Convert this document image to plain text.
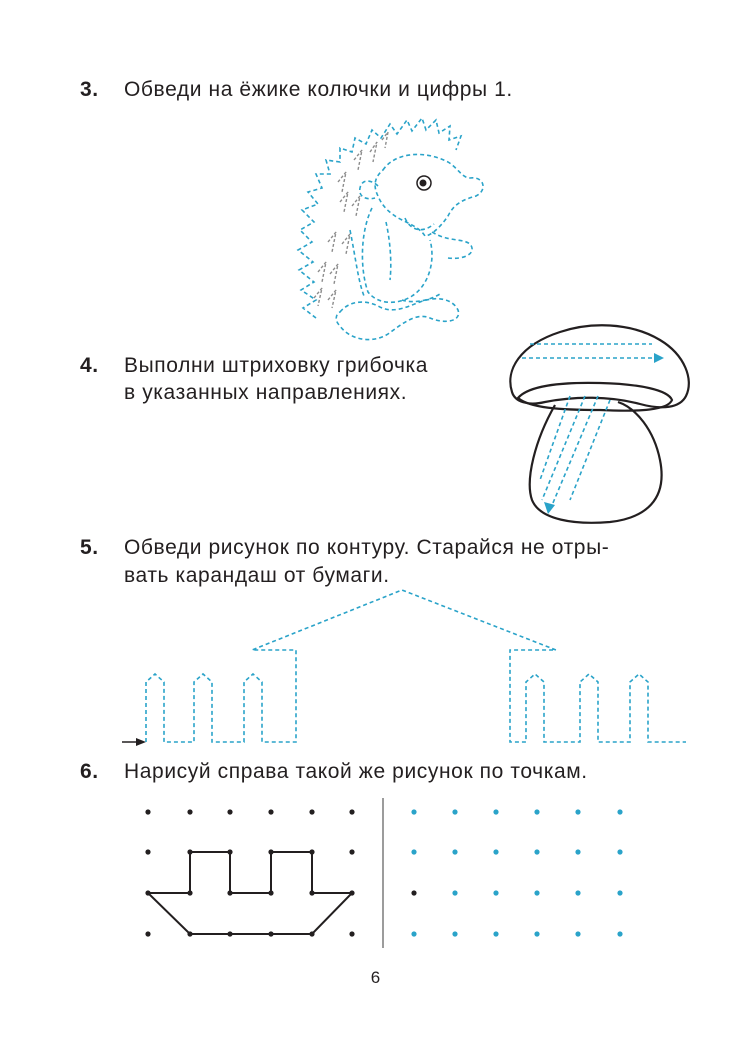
3. Обведи на ёжике колючки и цифры 1.
4. Выполни штриховку грибочка
в указанных направлениях.
5. Обведи рисунок по контуру. Старайся не отры-
вать карандаш от бумаги.
6. Нарисуй справа такой же рисунок по точкам.
6
